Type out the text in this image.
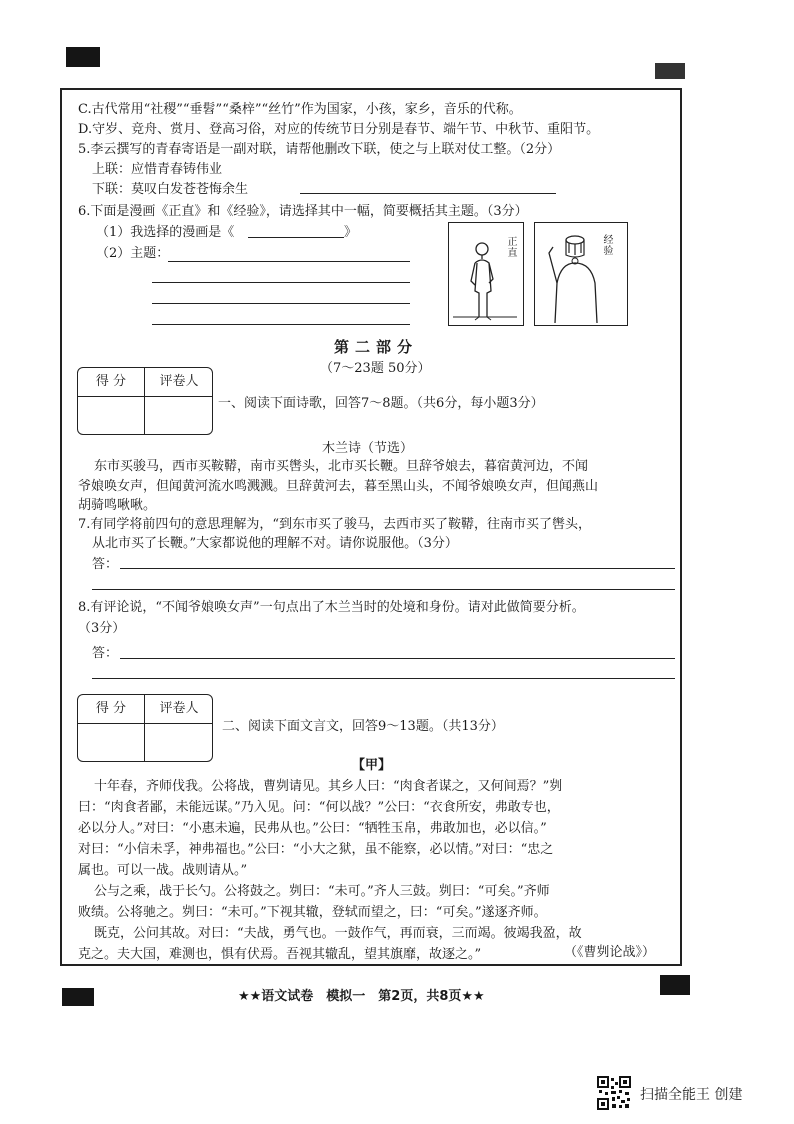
C.古代常用“社稷”“垂髫”“桑梓”“丝竹”作为国家，小孩，家乡，音乐的代称。
D.守岁、竞舟、赏月、登高习俗，对应的传统节日分别是春节、端午节、中秋节、重阳节。
5.李云撰写的青春寄语是一副对联，请帮他删改下联，使之与上联对仗工整。（2分）
上联：应惜青春铸伟业
下联：莫叹白发苍苍悔余生
6.下面是漫画《正直》和《经验》，请选择其中一幅，简要概括其主题。（3分）
（1）我选择的漫画是《	》
（2）主题：
正直
经验
第二部分
（7～23题 50分）
得 分	评卷人
一、阅读下面诗歌，回答7～8题。（共6分，每小题3分）
木兰诗（节选）
东市买骏马，西市买鞍鞯，南市买辔头，北市买长鞭。旦辞爷娘去，暮宿黄河边，不闻
爷娘唤女声，但闻黄河流水鸣溅溅。旦辞黄河去，暮至黑山头，不闻爷娘唤女声，但闻燕山
胡骑鸣啾啾。
7.有同学将前四句的意思理解为，“到东市买了骏马，去西市买了鞍鞯，往南市买了辔头，
从北市买了长鞭。”大家都说他的理解不对。请你说服他。（3分）
答：
8.有评论说，“不闻爷娘唤女声”一句点出了木兰当时的处境和身份。请对此做简要分析。
（3分）
答：
得 分	评卷人
二、阅读下面文言文，回答9～13题。（共13分）
【甲】
十年春，齐师伐我。公将战，曹刿请见。其乡人曰：“肉食者谋之，又何间焉？”刿
曰：“肉食者鄙，未能远谋。”乃入见。问：“何以战？”公曰：“衣食所安，弗敢专也，
必以分人。”对曰：“小惠未遍，民弗从也。”公曰：“牺牲玉帛，弗敢加也，必以信。”
对曰：“小信未孚，神弗福也。”公曰：“小大之狱，虽不能察，必以情。”对曰：“忠之
属也。可以一战。战则请从。”
公与之乘，战于长勺。公将鼓之。刿曰：“未可。”齐人三鼓。刿曰：“可矣。”齐师
败绩。公将驰之。刿曰：“未可。”下视其辙，登轼而望之，曰：“可矣。”遂逐齐师。
既克，公问其故。对曰：“夫战，勇气也。一鼓作气，再而衰，三而竭。彼竭我盈，故
克之。夫大国，难测也，惧有伏焉。吾视其辙乱，望其旗靡，故逐之。”	（《曹刿论战》）
★★语文试卷　模拟一　第2页，共8页★★
扫描全能王 创建
